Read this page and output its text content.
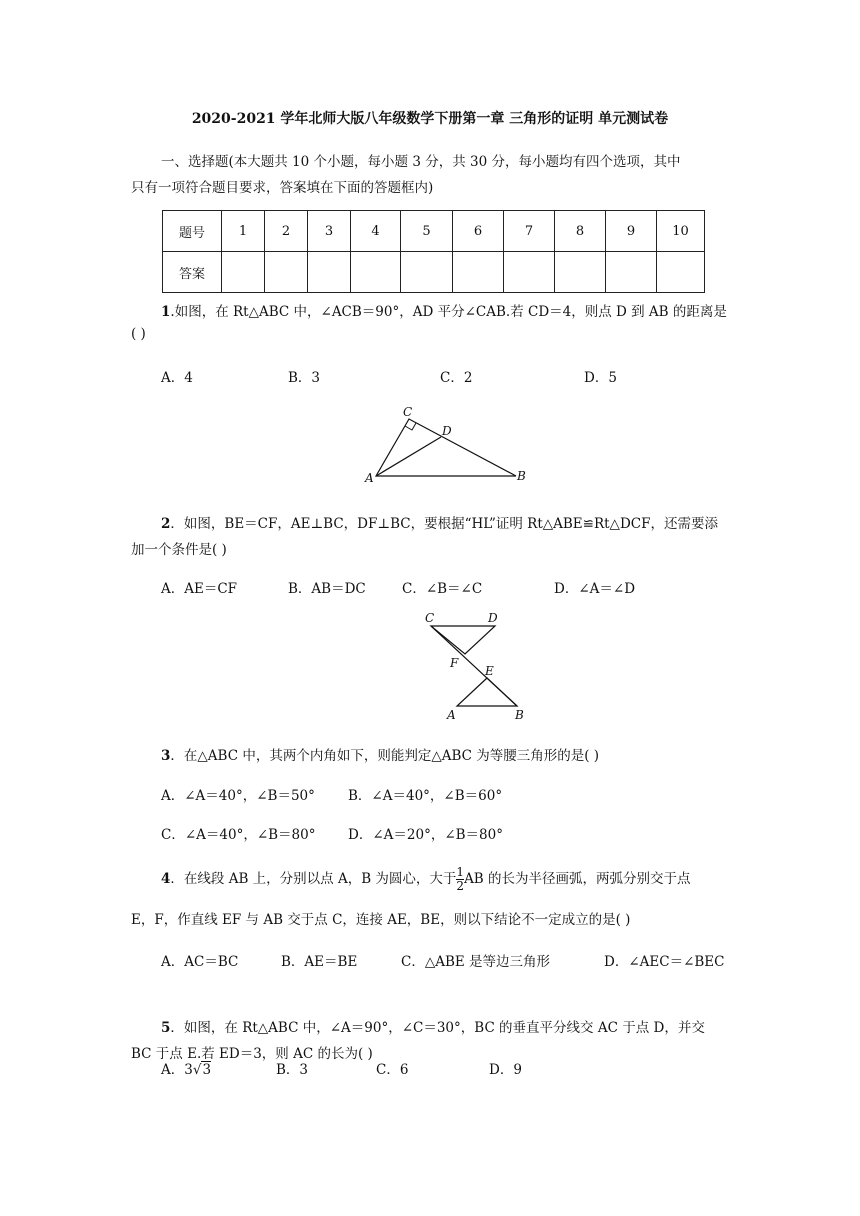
2020-2021 学年北师大版八年级数学下册第一章 三角形的证明 单元测试卷
一、选择题(本大题共 10 个小题，每小题 3 分，共 30 分，每小题均有四个选项，其中
只有一项符合题目要求，答案填在下面的答题框内)
题号	1	2	3	4	5	6	7	8	9	10
答案										
1.如图，在 Rt△ABC 中，∠ACB＝90°，AD 平分∠CAB.若 CD＝4，则点 D 到 AB 的距离是
( )
A．4	B．3	C．2	D．5
C
D
A	B
2．如图，BE＝CF，AE⊥BC，DF⊥BC，要根据“HL”证明 Rt△ABE≌Rt△DCF，还需要添
加一个条件是( )
A．AE＝CF	B．AB＝DC	C．∠B＝∠C	D．∠A＝∠D
C	D
F
E
A	B
3．在△ABC 中，其两个内角如下，则能判定△ABC 为等腰三角形的是( )
A．∠A＝40°，∠B＝50° B．∠A＝40°，∠B＝60°
C．∠A＝40°，∠B＝80° D．∠A＝20°，∠B＝80°
4．在线段 AB 上，分别以点 A，B 为圆心，大于 $\frac{1}{2}$ AB 的长为半径画弧，两弧分别交于点
E，F，作直线 EF 与 AB 交于点 C，连接 AE，BE，则以下结论不一定成立的是( )
A．AC＝BC	B．AE＝BE	C．△ABE 是等边三角形	D．∠AEC＝∠BEC
5．如图，在 Rt△ABC 中，∠A＝90°，∠C＝30°，BC 的垂直平分线交 AC 于点 D，并交
BC 于点 E.若 ED＝3，则 AC 的长为( )
A．3√3	B．3	C．6	D．9
